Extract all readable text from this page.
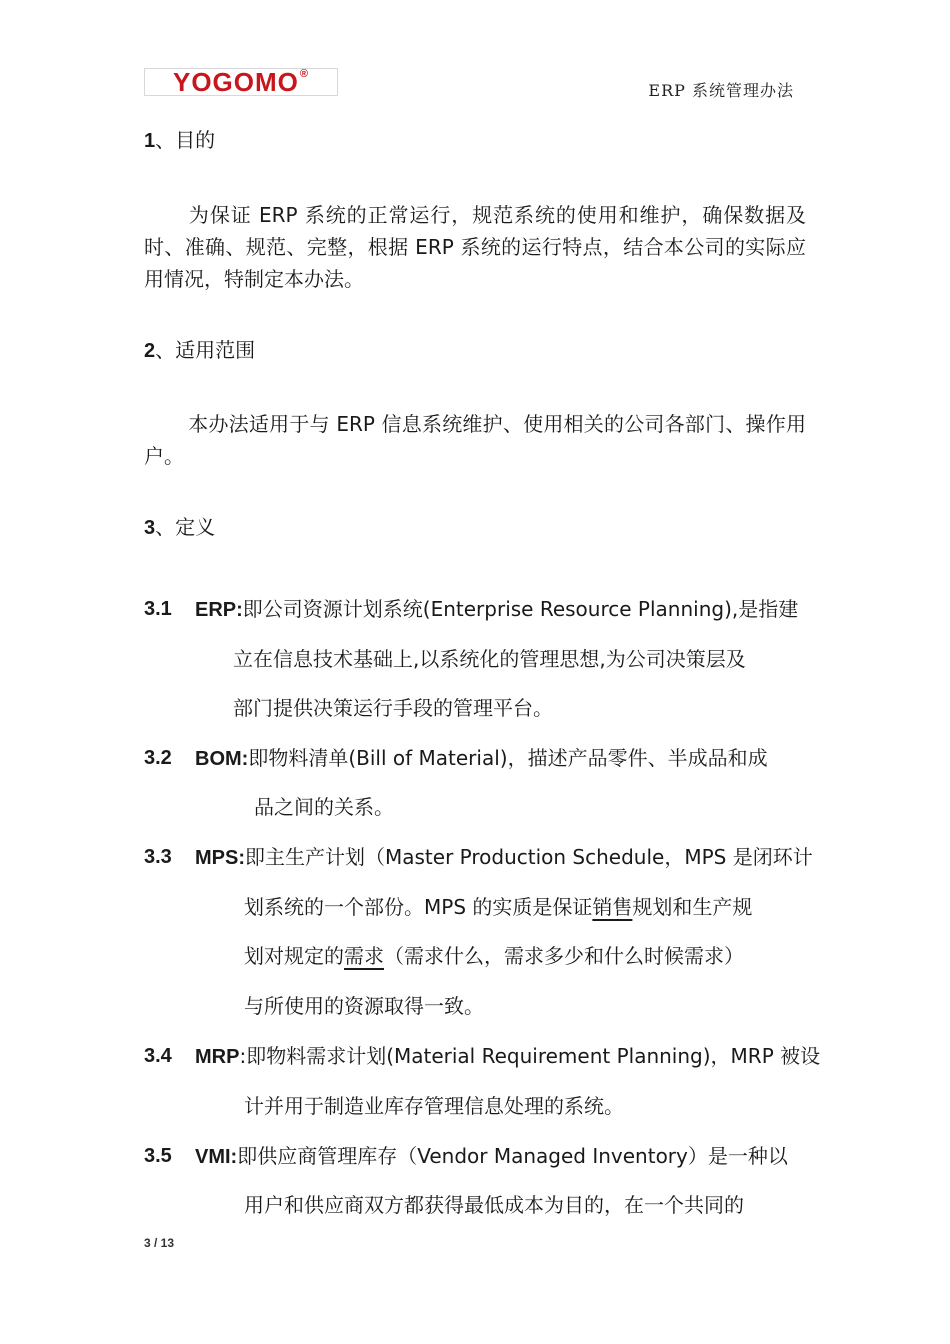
YOGOMO ®
ERP 系统管理办法
1、目的
为保证 ERP 系统的正常运行，规范系统的使用和维护，确保数据及时、准确、规范、完整，根据 ERP 系统的运行特点，结合本公司的实际应用情况，特制定本办法。
2、适用范围
本办法适用于与 ERP 信息系统维护、使用相关的公司各部门、操作用户。
3、定义
3.1 ERP:即公司资源计划系统(Enterprise Resource Planning),是指建
立在信息技术基础上,以系统化的管理思想,为公司决策层及
部门提供决策运行手段的管理平台。
3.2 BOM:即物料清单(Bill of Material)，描述产品零件、半成品和成
品之间的关系。
3.3 MPS:即主生产计划（Master Production Schedule，MPS 是闭环计
划系统的一个部份。MPS 的实质是保证销售规划和生产规
划对规定的需求（需求什么，需求多少和什么时候需求）
与所使用的资源取得一致。
3.4 MRP:即物料需求计划(Material Requirement Planning)，MRP 被设
计并用于制造业库存管理信息处理的系统。
3.5 VMI:即供应商管理库存（Vendor Managed Inventory）是一种以
用户和供应商双方都获得最低成本为目的，在一个共同的
3 / 13
